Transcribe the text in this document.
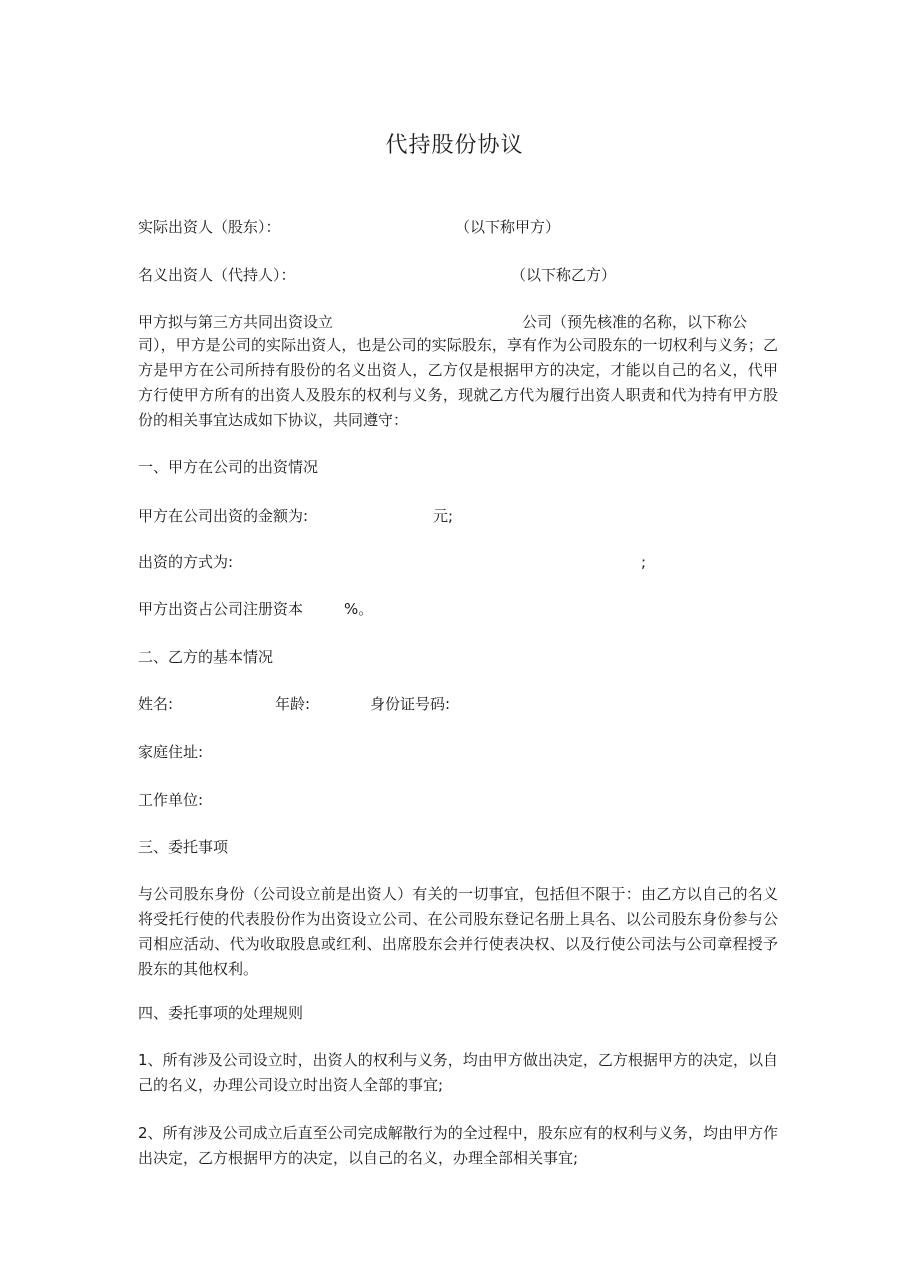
代持股份协议
实际出资人（股东）：	（以下称甲方）
名义出资人（代持人）：	（以下称乙方）
甲方拟与第三方共同出资设立	公司（预先核准的名称，以下称公
司），甲方是公司的实际出资人，也是公司的实际股东，享有作为公司股东的一切权利与义务；乙方是甲方在公司所持有股份的名义出资人，乙方仅是根据甲方的决定，才能以自己的名义，代甲方行使甲方所有的出资人及股东的权利与义务，现就乙方代为履行出资人职责和代为持有甲方股份的相关事宜达成如下协议，共同遵守：
一、甲方在公司的出资情况
甲方在公司出资的金额为:	元;
出资的方式为:	;
甲方出资占公司注册资本	%。
二、乙方的基本情况
姓名:	年龄:	身份证号码:
家庭住址:
工作单位:
三、委托事项
与公司股东身份（公司设立前是出资人）有关的一切事宜，包括但不限于：由乙方以自己的名义将受托行使的代表股份作为出资设立公司、在公司股东登记名册上具名、以公司股东身份参与公司相应活动、代为收取股息或红利、出席股东会并行使表决权、以及行使公司法与公司章程授予股东的其他权利。
四、委托事项的处理规则
1、所有涉及公司设立时，出资人的权利与义务，均由甲方做出决定，乙方根据甲方的决定，以自己的名义，办理公司设立时出资人全部的事宜;
2、所有涉及公司成立后直至公司完成解散行为的全过程中，股东应有的权利与义务，均由甲方作出决定，乙方根据甲方的决定，以自己的名义，办理全部相关事宜;
